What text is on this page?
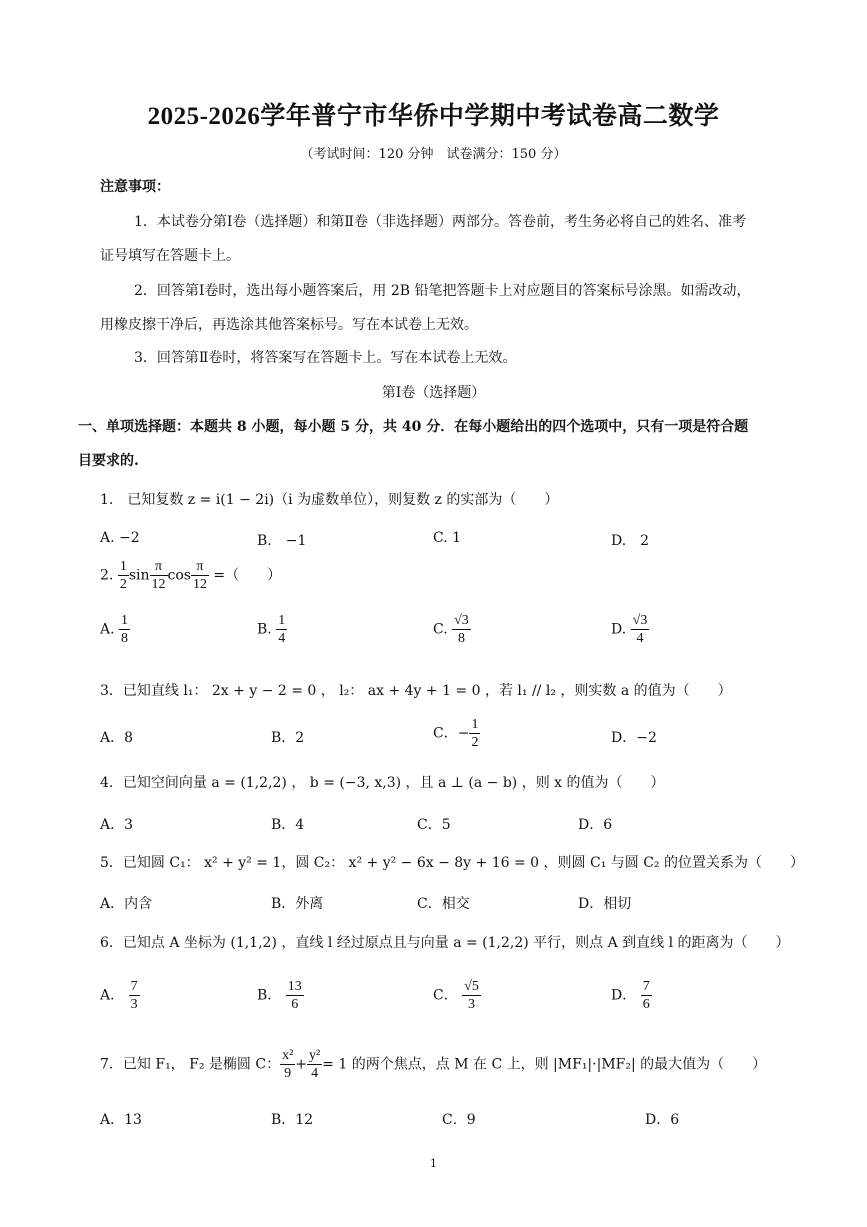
2025-2026学年普宁市华侨中学期中考试卷高二数学
（考试时间：120 分钟　试卷满分：150 分）
注意事项：
1．本试卷分第Ⅰ卷（选择题）和第Ⅱ卷（非选择题）两部分。答卷前，考生务必将自己的姓名、准考
证号填写在答题卡上。
2．回答第Ⅰ卷时，选出每小题答案后，用 2B 铅笔把答题卡上对应题目的答案标号涂黑。如需改动，
用橡皮擦干净后，再选涂其他答案标号。写在本试卷上无效。
3．回答第Ⅱ卷时，将答案写在答题卡上。写在本试卷上无效。
第Ⅰ卷（选择题）
一、单项选择题：本题共 8 小题，每小题 5 分，共 40 分．在每小题给出的四个选项中，只有一项是符合题
目要求的.
1.　已知复数 z = i(1 − 2i)（i 为虚数单位），则复数 z 的实部为（　　）
A. −2	B.　−1	C. 1	D.　2
2. $\frac{1}{2}$ $\sin \frac{\pi}{12}$ $\cos \frac{\pi}{12}$ =（　　）
A. $\frac{1}{8}$	B. $\frac{1}{4}$	C. $\frac{√3}{8}$	D. $\frac{√3}{4}$
3．已知直线 l₁： 2x + y − 2 = 0 ， l₂： ax + 4y + 1 = 0 ，若 l₁ // l₂ ，则实数 a 的值为（　　）
A．8	B．2	C．− $\frac{1}{2}$	D．−2
4．已知空间向量 a = (1,2,2) ， b = (−3, x,3) ，且 a ⊥ (a − b) ，则 x 的值为（　　）
A．3	B．4	C．5	D．6
5．已知圆 C₁： x² + y² = 1，圆 C₂： x² + y² − 6x − 8y + 16 = 0 ，则圆 C₁ 与圆 C₂ 的位置关系为（　　）
A．内含	B．外离	C．相交	D．相切
6．已知点 A 坐标为 (1,1,2) ，直线 l 经过原点且与向量 a = (1,2,2) 平行，则点 A 到直线 l 的距离为（　　）
A． $\frac{7}{3}$	B． $\frac{13}{6}$	C． $\frac{√5}{3}$	D． $\frac{7}{6}$
7．已知 F₁， F₂ 是椭圆 C： $\frac{\text{x²}}{9} + \frac{\text{y²}}{4} = 1$ 的两个焦点，点 M 在 C 上，则 |MF₁|·|MF₂| 的最大值为（　　）
A．13	B．12	C．9	D．6
1
